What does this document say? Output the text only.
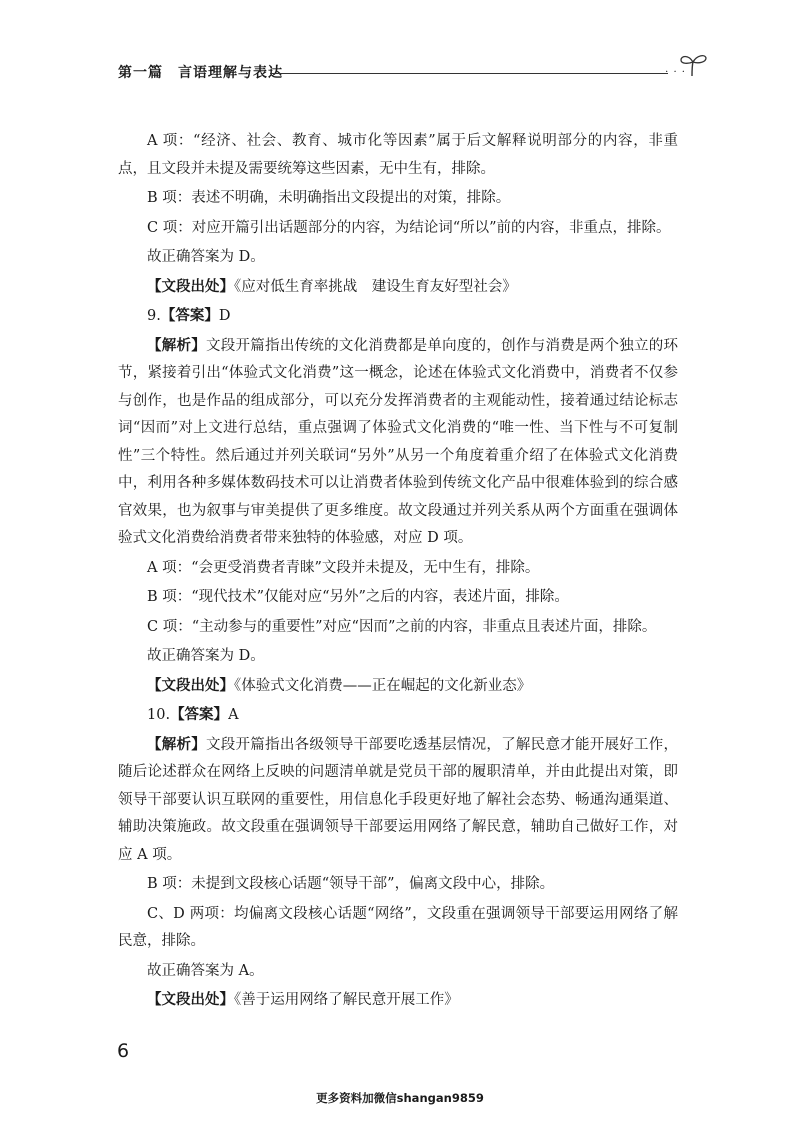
第一篇　言语理解与表达	· · ·

A 项：“经济、社会、教育、城市化等因素”属于后文解释说明部分的内容，非重点，且文段并未提及需要统筹这些因素，无中生有，排除。

B 项：表述不明确，未明确指出文段提出的对策，排除。

C 项：对应开篇引出话题部分的内容，为结论词“所以”前的内容，非重点，排除。

故正确答案为 D。

【文段出处】《应对低生育率挑战　建设生育友好型社会》

9.【答案】D

【解析】文段开篇指出传统的文化消费都是单向度的，创作与消费是两个独立的环节，紧接着引出“体验式文化消费”这一概念，论述在体验式文化消费中，消费者不仅参与创作，也是作品的组成部分，可以充分发挥消费者的主观能动性，接着通过结论标志词“因而”对上文进行总结，重点强调了体验式文化消费的“唯一性、当下性与不可复制性”三个特性。然后通过并列关联词“另外”从另一个角度着重介绍了在体验式文化消费中，利用各种多媒体数码技术可以让消费者体验到传统文化产品中很难体验到的综合感官效果，也为叙事与审美提供了更多维度。故文段通过并列关系从两个方面重在强调体验式文化消费给消费者带来独特的体验感，对应 D 项。

A 项：“会更受消费者青睐”文段并未提及，无中生有，排除。

B 项：“现代技术”仅能对应“另外”之后的内容，表述片面，排除。

C 项：“主动参与的重要性”对应“因而”之前的内容，非重点且表述片面，排除。

故正确答案为 D。

【文段出处】《体验式文化消费——正在崛起的文化新业态》

10.【答案】A

【解析】文段开篇指出各级领导干部要吃透基层情况，了解民意才能开展好工作，随后论述群众在网络上反映的问题清单就是党员干部的履职清单，并由此提出对策，即领导干部要认识互联网的重要性，用信息化手段更好地了解社会态势、畅通沟通渠道、辅助决策施政。故文段重在强调领导干部要运用网络了解民意，辅助自己做好工作，对应 A 项。

B 项：未提到文段核心话题“领导干部”，偏离文段中心，排除。

C、D 两项：均偏离文段核心话题“网络”，文段重在强调领导干部要运用网络了解民意，排除。

故正确答案为 A。

【文段出处】《善于运用网络了解民意开展工作》

6
更多资料加微信shangan9859
